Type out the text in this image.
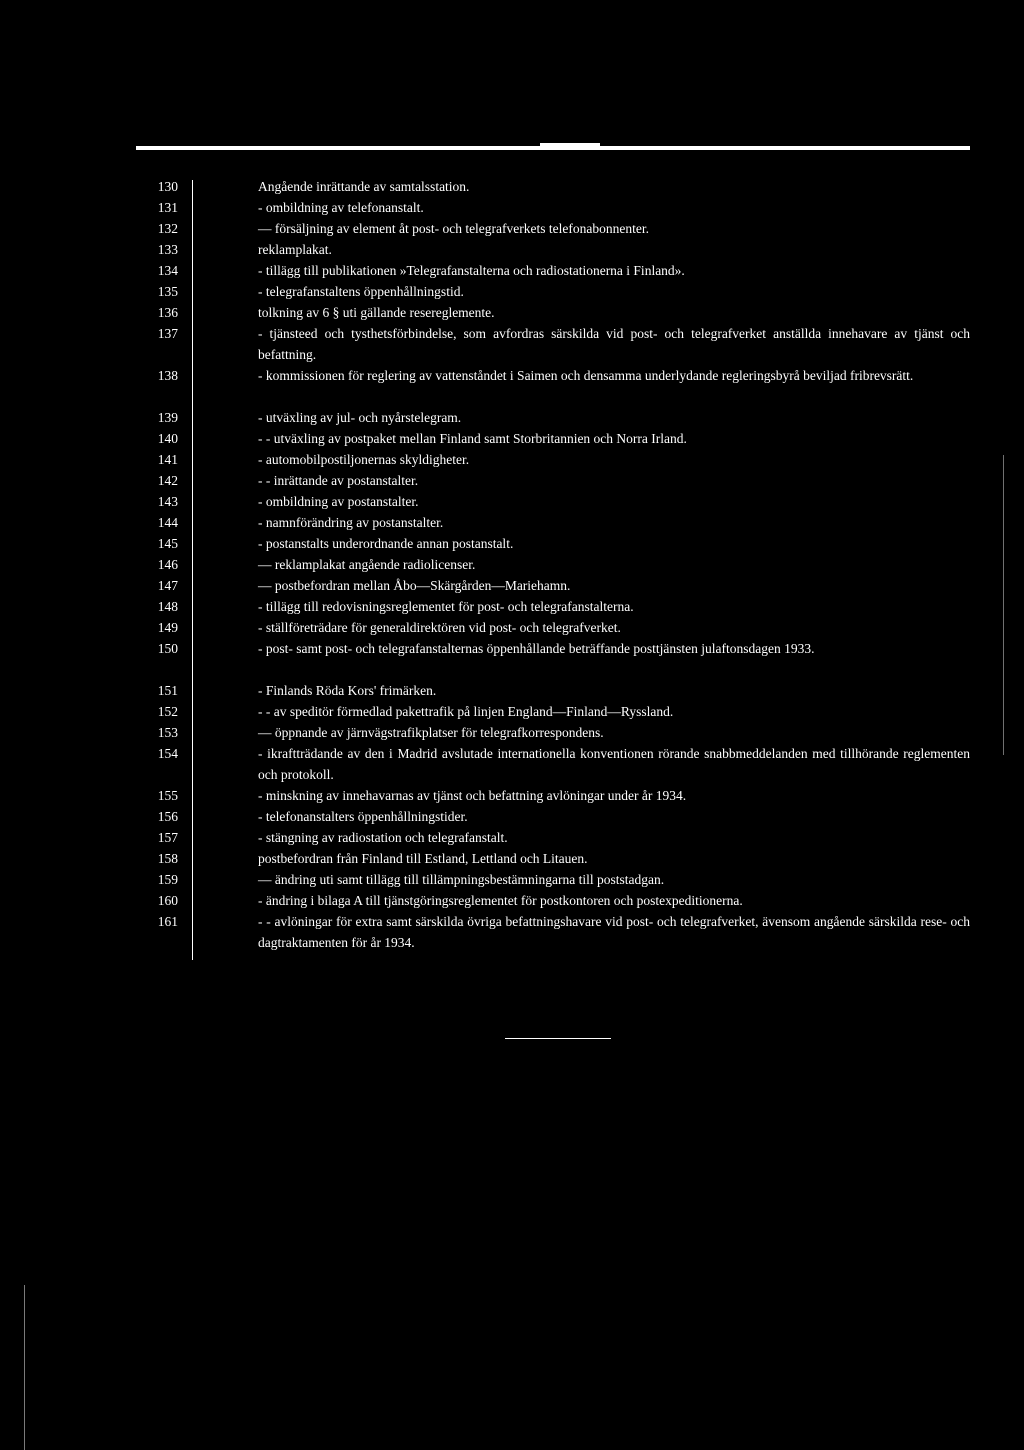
130	Angående inrättande av samtalsstation.
131	- ombildning av telefonanstalt.
132	— försäljning av element åt post- och telegrafverkets telefonabonnenter.
133	reklamplakat.
134	- tillägg till publikationen »Telegrafanstalterna och radiostationerna i Finland».
135	- telegrafanstaltens öppenhållningstid.
136	tolkning av 6 § uti gällande resereglemente.
137	- tjänsteed och tysthetsförbindelse, som avfordras särskilda vid post- och telegrafverket anställda innehavare av tjänst och befattning.
138	- kommissionen för reglering av vattenståndet i Saimen och densamma underlydande regleringsbyrå beviljad fribrevsrätt.
139	- utväxling av jul- och nyårstelegram.
140	- - utväxling av postpaket mellan Finland samt Storbritannien och Norra Irland.
141	- automobilpostiljonernas skyldigheter.
142	- - inrättande av postanstalter.
143	- ombildning av postanstalter.
144	- namnförändring av postanstalter.
145	- postanstalts underordnande annan postanstalt.
146	— reklamplakat angående radiolicenser.
147	— postbefordran mellan Åbo—Skärgården—Mariehamn.
148	- tillägg till redovisningsreglementet för post- och telegrafanstalterna.
149	- ställföreträdare för generaldirektören vid post- och telegrafverket.
150	- post- samt post- och telegrafanstalternas öppenhållande beträffande posttjänsten julaftonsdagen 1933.
151	- Finlands Röda Kors' frimärken.
152	- - av speditör förmedlad pakettrafik på linjen England—Finland—Ryssland.
153	— öppnande av järnvägstrafikplatser för telegrafkorrespondens.
154	- ikraftträdande av den i Madrid avslutade internationella konventionen rörande snabbmeddelanden med tillhörande reglementen och protokoll.
155	- minskning av innehavarnas av tjänst och befattning avlöningar under år 1934.
156	- telefonanstalters öppenhållningstider.
157	- stängning av radiostation och telegrafanstalt.
158	postbefordran från Finland till Estland, Lettland och Litauen.
159	— ändring uti samt tillägg till tillämpningsbestämningarna till poststadgan.
160	- ändring i bilaga A till tjänstgöringsreglementet för postkontoren och postexpeditionerna.
161	- - avlöningar för extra samt särskilda övriga befattningshavare vid post- och telegrafverket, ävensom angående särskilda rese- och dagtraktamenten för år 1934.
